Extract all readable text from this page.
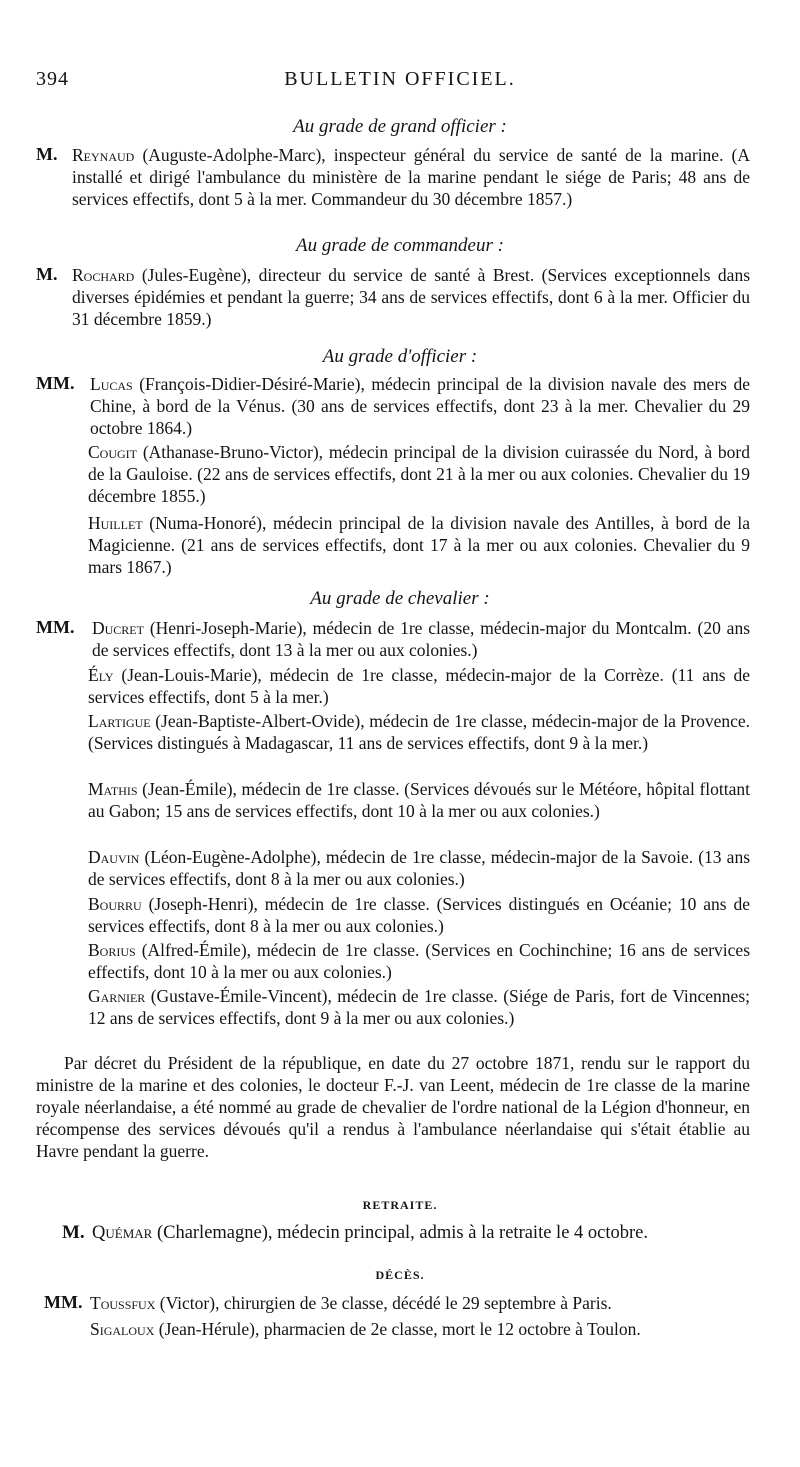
394	BULLETIN OFFICIEL.
Au grade de grand officier :
M. Reynaud (Auguste-Adolphe-Marc), inspecteur général du service de santé de la marine. (A installé et dirigé l'ambulance du ministère de la marine pendant le siége de Paris; 48 ans de services effectifs, dont 5 à la mer. Commandeur du 30 décembre 1857.)
Au grade de commandeur :
M. Rochard (Jules-Eugène), directeur du service de santé à Brest. (Services exceptionnels dans diverses épidémies et pendant la guerre; 34 ans de services effectifs, dont 6 à la mer. Officier du 31 décembre 1859.)
Au grade d'officier :
MM. Lucas (François-Didier-Désiré-Marie), médecin principal de la division navale des mers de Chine, à bord de la Vénus. (30 ans de services effectifs, dont 23 à la mer. Chevalier du 29 octobre 1864.)
Cougit (Athanase-Bruno-Victor), médecin principal de la division cuirassée du Nord, à bord de la Gauloise. (22 ans de services effectifs, dont 21 à la mer ou aux colonies. Chevalier du 19 décembre 1855.)
Huillet (Numa-Honoré), médecin principal de la division navale des Antilles, à bord de la Magicienne. (21 ans de services effectifs, dont 17 à la mer ou aux colonies. Chevalier du 9 mars 1867.)
Au grade de chevalier :
MM. Ducret (Henri-Joseph-Marie), médecin de 1re classe, médecin-major du Montcalm. (20 ans de services effectifs, dont 13 à la mer ou aux colonies.)
Ély (Jean-Louis-Marie), médecin de 1re classe, médecin-major de la Corrèze. (11 ans de services effectifs, dont 5 à la mer.)
Lartigue (Jean-Baptiste-Albert-Ovide), médecin de 1re classe, médecin-major de la Provence. (Services distingués à Madagascar, 11 ans de services effectifs, dont 9 à la mer.)
Mathis (Jean-Émile), médecin de 1re classe. (Services dévoués sur le Météore, hôpital flottant au Gabon; 15 ans de services effectifs, dont 10 à la mer ou aux colonies.)
Dauvin (Léon-Eugène-Adolphe), médecin de 1re classe, médecin-major de la Savoie. (13 ans de services effectifs, dont 8 à la mer ou aux colonies.)
Bourru (Joseph-Henri), médecin de 1re classe. (Services distingués en Océanie; 10 ans de services effectifs, dont 8 à la mer ou aux colonies.)
Borius (Alfred-Émile), médecin de 1re classe. (Services en Cochinchine; 16 ans de services effectifs, dont 10 à la mer ou aux colonies.)
Garnier (Gustave-Émile-Vincent), médecin de 1re classe. (Siége de Paris, fort de Vincennes; 12 ans de services effectifs, dont 9 à la mer ou aux colonies.)
Par décret du Président de la république, en date du 27 octobre 1871, rendu sur le rapport du ministre de la marine et des colonies, le docteur F.-J. van Leent, médecin de 1re classe de la marine royale néerlandaise, a été nommé au grade de chevalier de l'ordre national de la Légion d'honneur, en récompense des services dévoués qu'il a rendus à l'ambulance néerlandaise qui s'était établie au Havre pendant la guerre.
RETRAITE.
M. Quémar (Charlemagne), médecin principal, admis à la retraite le 4 octobre.
DÉCÈS.
MM. Toussfux (Victor), chirurgien de 3e classe, décédé le 29 septembre à Paris.
Sigaloux (Jean-Hérule), pharmacien de 2e classe, mort le 12 octobre à Toulon.
